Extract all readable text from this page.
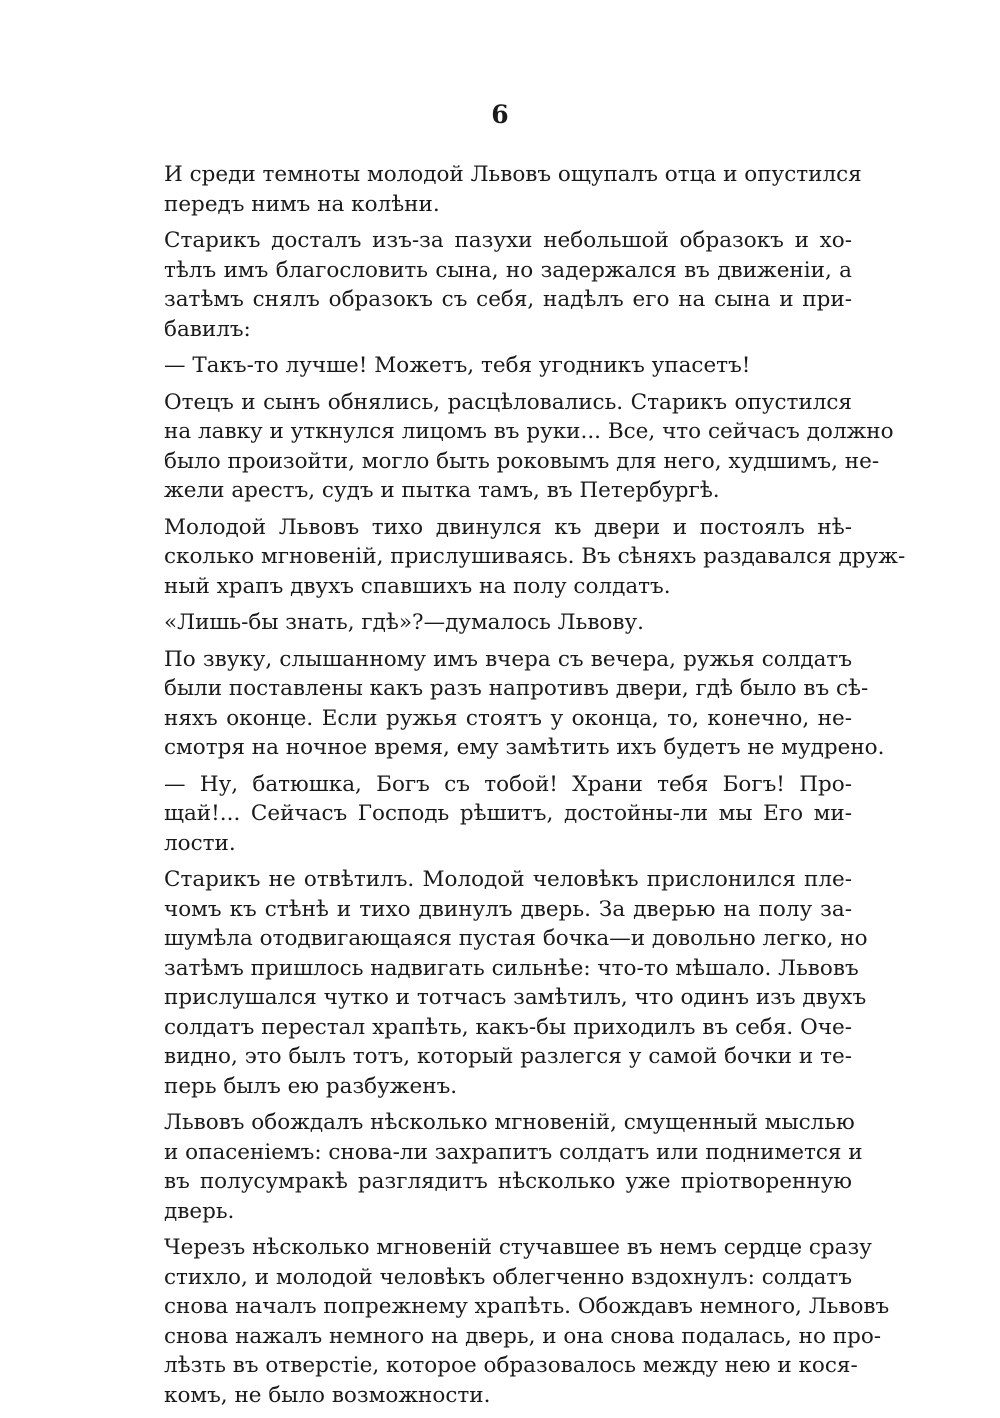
6
И среди темноты молодой Львовъ ощупалъ отца и опустился
передъ нимъ на колѣни.
Старикъ досталъ изъ-за пазухи небольшой образокъ и хо-
тѣлъ имъ благословить сына, но задержался въ движеніи, а
затѣмъ снялъ образокъ съ себя, надѣлъ его на сына и при-
бавилъ:
— Такъ-то лучше! Можетъ, тебя угодникъ упасетъ!
Отецъ и сынъ обнялись, расцѣловались. Старикъ опустился
на лавку и уткнулся лицомъ въ руки... Все, что сейчасъ должно
было произойти, могло быть роковымъ для него, худшимъ, не-
жели арестъ, судъ и пытка тамъ, въ Петербургѣ.
Молодой Львовъ тихо двинулся къ двери и постоялъ нѣ-
сколько мгновеній, прислушиваясь. Въ сѣняхъ раздавался друж-
ный храпъ двухъ спавшихъ на полу солдатъ.
«Лишь-бы знать, гдѣ»?—думалось Львову.
По звуку, слышанному имъ вчера съ вечера, ружья солдатъ
были поставлены какъ разъ напротивъ двери, гдѣ было въ сѣ-
няхъ оконце. Если ружья стоятъ у оконца, то, конечно, не-
смотря на ночное время, ему замѣтить ихъ будетъ не мудрено.
— Ну, батюшка, Богъ съ тобой! Храни тебя Богъ! Про-
щай!... Сейчасъ Господь рѣшитъ, достойны-ли мы Его ми-
лости.
Старикъ не отвѣтилъ. Молодой человѣкъ прислонился пле-
чомъ къ стѣнѣ и тихо двинулъ дверь. За дверью на полу за-
шумѣла отодвигающаяся пустая бочка—и довольно легко, но
затѣмъ пришлось надвигать сильнѣе: что-то мѣшало. Львовъ
прислушался чутко и тотчасъ замѣтилъ, что одинъ изъ двухъ
солдатъ перестал храпѣть, какъ-бы приходилъ въ себя. Оче-
видно, это былъ тотъ, который разлегся у самой бочки и те-
перь былъ ею разбуженъ.
Львовъ обождалъ нѣсколько мгновеній, смущенный мыслью
и опасеніемъ: снова-ли захрапитъ солдатъ или поднимется и
въ полусумракѣ разглядитъ нѣсколько уже пріотворенную
дверь.
Черезъ нѣсколько мгновеній стучавшее въ немъ сердце сразу
стихло, и молодой человѣкъ облегченно вздохнулъ: солдатъ
снова началъ попрежнему храпѣть. Обождавъ немного, Львовъ
снова нажалъ немного на дверь, и она снова подалась, но про-
лѣзть въ отверстіе, которое образовалось между нею и кося-
комъ, не было возможности.
